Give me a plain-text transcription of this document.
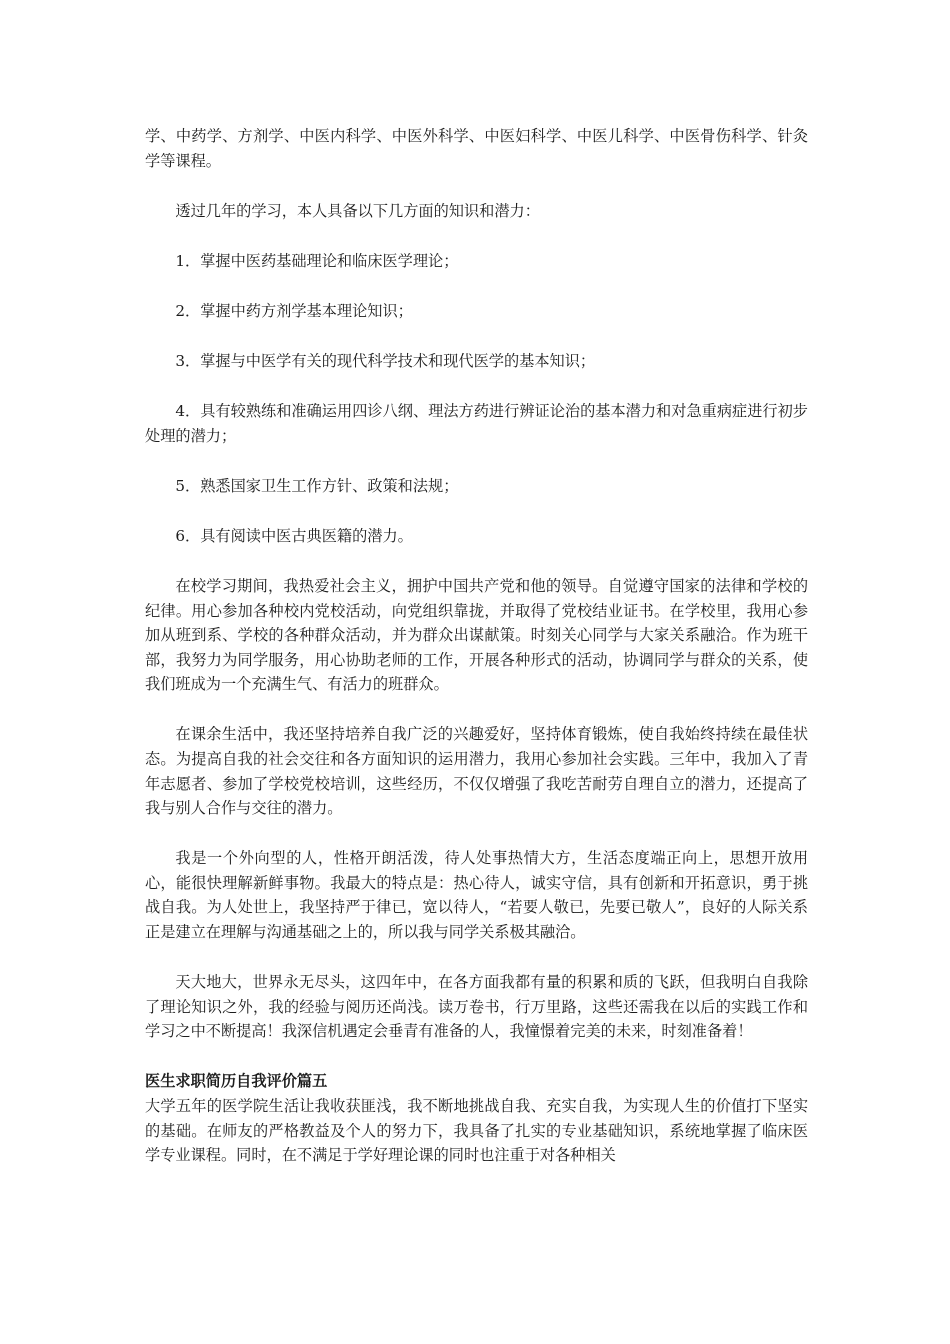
学、中药学、方剂学、中医内科学、中医外科学、中医妇科学、中医儿科学、中医骨伤科学、针灸学等课程。

透过几年的学习，本人具备以下几方面的知识和潜力：

1．掌握中医药基础理论和临床医学理论；

2．掌握中药方剂学基本理论知识；

3．掌握与中医学有关的现代科学技术和现代医学的基本知识；

4．具有较熟练和准确运用四诊八纲、理法方药进行辨证论治的基本潜力和对急重病症进行初步处理的潜力；

5．熟悉国家卫生工作方针、政策和法规；

6．具有阅读中医古典医籍的潜力。

在校学习期间，我热爱社会主义，拥护中国共产党和他的领导。自觉遵守国家的法律和学校的纪律。用心参加各种校内党校活动，向党组织靠拢，并取得了党校结业证书。在学校里，我用心参加从班到系、学校的各种群众活动，并为群众出谋献策。时刻关心同学与大家关系融洽。作为班干部，我努力为同学服务，用心协助老师的工作，开展各种形式的活动，协调同学与群众的关系，使我们班成为一个充满生气、有活力的班群众。

在课余生活中，我还坚持培养自我广泛的兴趣爱好，坚持体育锻炼，使自我始终持续在最佳状态。为提高自我的社会交往和各方面知识的运用潜力，我用心参加社会实践。三年中，我加入了青年志愿者、参加了学校党校培训，这些经历，不仅仅增强了我吃苦耐劳自理自立的潜力，还提高了我与别人合作与交往的潜力。

我是一个外向型的人，性格开朗活泼，待人处事热情大方，生活态度端正向上，思想开放用心，能很快理解新鲜事物。我最大的特点是：热心待人，诚实守信，具有创新和开拓意识，勇于挑战自我。为人处世上，我坚持严于律已，宽以待人，“若要人敬已，先要已敬人”，良好的人际关系正是建立在理解与沟通基础之上的，所以我与同学关系极其融洽。

天大地大，世界永无尽头，这四年中，在各方面我都有量的积累和质的飞跃，但我明白自我除了理论知识之外，我的经验与阅历还尚浅。读万卷书，行万里路，这些还需我在以后的实践工作和学习之中不断提高！我深信机遇定会垂青有准备的人，我憧憬着完美的未来，时刻准备着！

医生求职简历自我评价篇五

大学五年的医学院生活让我收获匪浅，我不断地挑战自我、充实自我，为实现人生的价值打下坚实的基础。在师友的严格教益及个人的努力下，我具备了扎实的专业基础知识，系统地掌握了临床医学专业课程。同时，在不满足于学好理论课的同时也注重于对各种相关
